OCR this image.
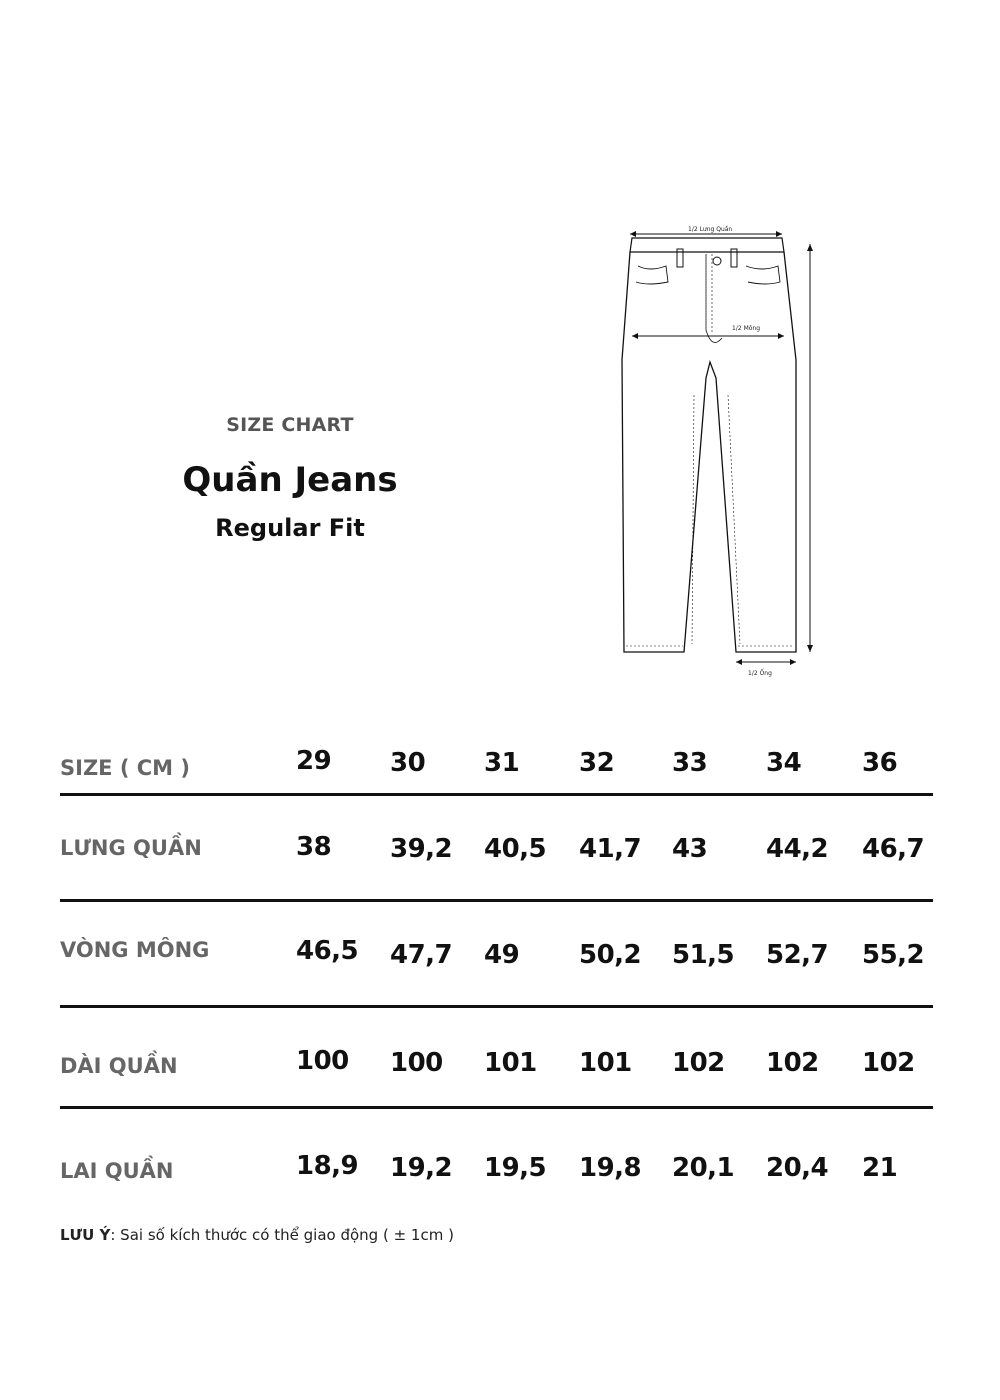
SIZE CHART
Quần Jeans
Regular Fit
1/2 Lưng Quần
1/2 Mông
1/2 Ống
SIZE ( CM )	29 30 31 32 33 34 36
LƯNG QUẦN	38 39,2 40,5 41,7 43 44,2 46,7
VÒNG MÔNG	46,5 47,7 49 50,2 51,5 52,7 55,2
DÀI QUẦN	100 100 101 101 102 102 102
LAI QUẦN	18,9 19,2 19,5 19,8 20,1 20,4 21
LƯU Ý: Sai số kích thước có thể giao động ( ± 1cm )
